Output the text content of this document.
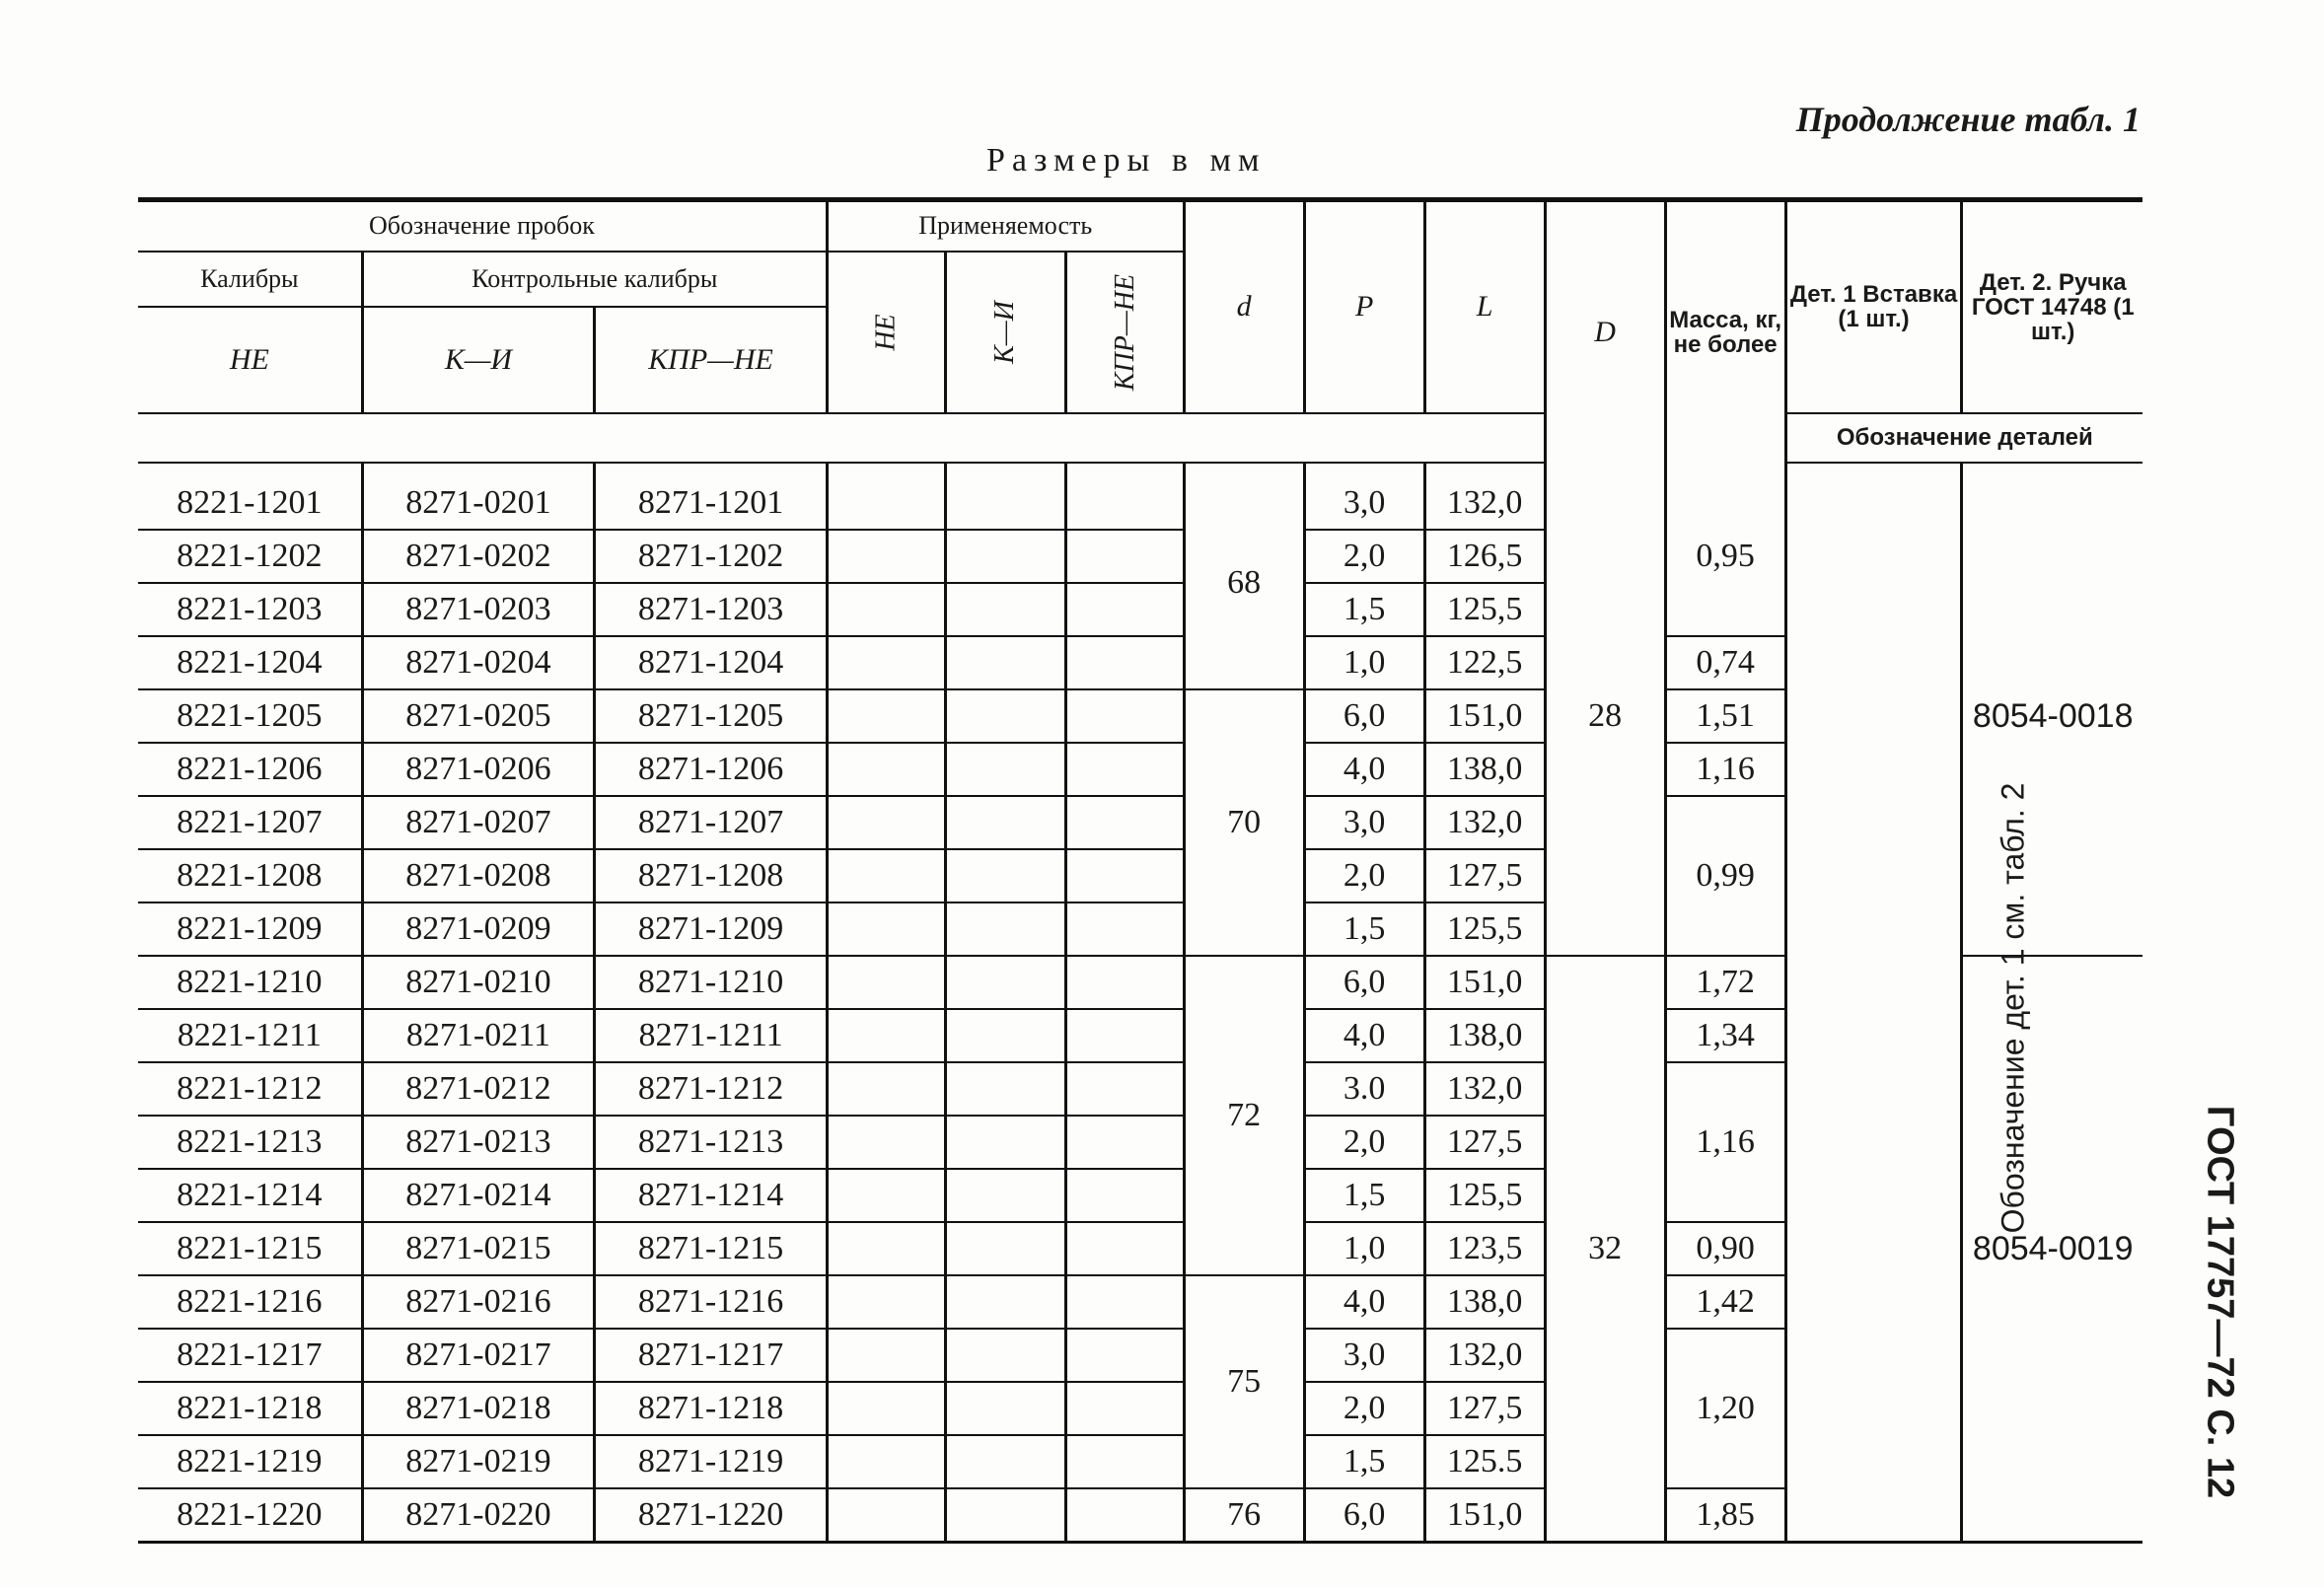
Продолжение табл. 1
Размеры в мм
ГОСТ 17757—72 С. 12
Обозначение пробок			Применяемость			d	P	L	D	Масса, кг, не более	Дет. 1 Вставка (1 шт.)	Дет. 2. Ручка ГОСТ 14748 (1 шт.)
Калибры	Контрольные калибры		НЕ	К—И	КПР—НЕ							
НЕ	К—И	КПР—НЕ										
											Обозначение деталей	

8221-1201	8271-0201	8271-1201				68	3,0	132,0	28	0,95	Обозначение дет. 1 см. табл. 2	8054-0018
8221-1202	8271-0202	8271-1202					2,0	126,5				
8221-1203	8271-0203	8271-1203					1,5	125,5				
8221-1204	8271-0204	8271-1204					1,0	122,5		0,74		
8221-1205	8271-0205	8271-1205				70	6,0	151,0		1,51		
8221-1206	8271-0206	8271-1206					4,0	138,0		1,16		
8221-1207	8271-0207	8271-1207					3,0	132,0		0,99		
8221-1208	8271-0208	8271-1208					2,0	127,5				
8221-1209	8271-0209	8271-1209					1,5	125,5				
8221-1210	8271-0210	8271-1210				72	6,0	151,0	32	1,72		8054-0019
8221-1211	8271-0211	8271-1211					4,0	138,0		1,34		
8221-1212	8271-0212	8271-1212					3.0	132,0		1,16		
8221-1213	8271-0213	8271-1213					2,0	127,5				
8221-1214	8271-0214	8271-1214					1,5	125,5				
8221-1215	8271-0215	8271-1215					1,0	123,5		0,90		
8221-1216	8271-0216	8271-1216				75	4,0	138,0		1,42		
8221-1217	8271-0217	8271-1217					3,0	132,0		1,20		
8221-1218	8271-0218	8271-1218					2,0	127,5				
8221-1219	8271-0219	8271-1219					1,5	125.5				
8221-1220	8271-0220	8271-1220				76	6,0	151,0		1,85		
